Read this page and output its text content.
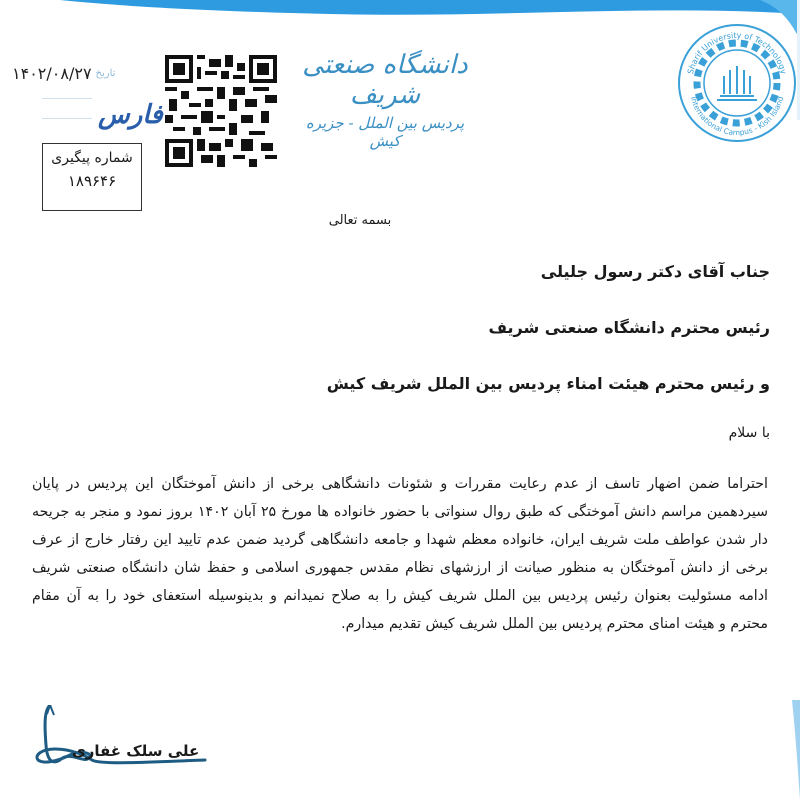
۱۴۰۲/۰۸/۲۷ تاریخ
فارس
شماره پیگیری
۱۸۹۶۴۶
دانشگاه صنعتی شریف
پردیس بین الملل - جزیره کیش
Sharif University of Technology
International Campus - Kish Island
بسمه تعالی
جناب آقای دکتر رسول جلیلی
رئیس محترم دانشگاه صنعتی شریف
و رئیس محترم هیئت امناء پردیس بین الملل شریف کیش
با سلام
احتراما ضمن اضهار تاسف از عدم رعایت مقررات و شئونات دانشگاهی برخی از دانش آموختگان این پردیس در پایان سیردهمین مراسم دانش آموختگی که طبق روال سنواتی با حضور خانواده ها مورخ ۲۵ آبان ۱۴۰۲ بروز نمود و منجر به جریحه دار شدن عواطف ملت شریف ایران، خانواده معظم شهدا و جامعه دانشگاهی گردید ضمن عدم تایید این رفتار خارج از عرف برخی از دانش آموختگان به منظور صیانت از ارزشهای نظام مقدس جمهوری اسلامی و حفظ شان دانشگاه صنعتی شریف ادامه مسئولیت بعنوان رئیس پردیس بین الملل شریف کیش را به صلاح نمیدانم و بدینوسیله استعفای خود را به آن مقام محترم و هیئت امنای محترم پردیس بین الملل شریف کیش تقدیم میدارم.
علی سلک غفاری
